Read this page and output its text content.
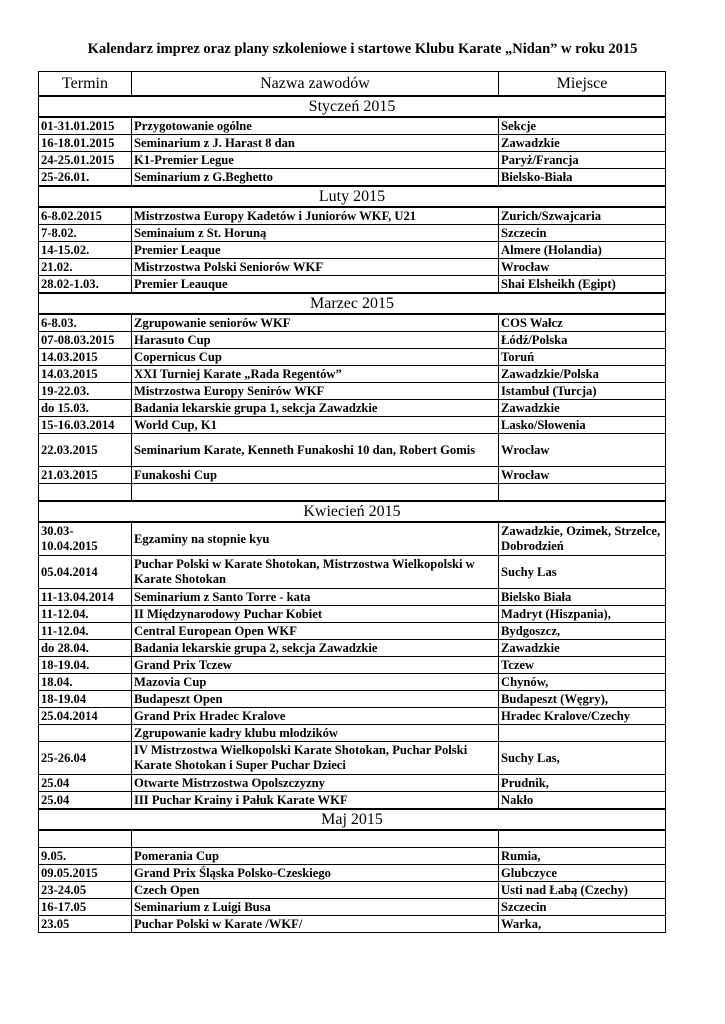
Kalendarz imprez oraz plany szkoleniowe i startowe Klubu Karate „Nidan” w roku 2015
Termin	Nazwa zawodów	Miejsce
Styczeń 2015		
01-31.01.2015	Przygotowanie ogólne	Sekcje
16-18.01.2015	Seminarium z J. Harast 8 dan	Zawadzkie
24-25.01.2015	K1-Premier Legue	Paryż/Francja
25-26.01.	Seminarium z G.Beghetto	Bielsko-Biała
Luty 2015		
6-8.02.2015	Mistrzostwa Europy Kadetów i Juniorów WKF, U21	Zurich/Szwajcaria
7-8.02.	Seminaium z St. Horuną	Szczecin
14-15.02.	Premier Leaque	Almere (Holandia)
21.02.	Mistrzostwa Polski Seniorów WKF	Wrocław
28.02-1.03.	Premier Leauque	Shai Elsheikh (Egipt)
Marzec 2015		
6-8.03.	Zgrupowanie seniorów WKF	COS Wałcz
07-08.03.2015	Harasuto Cup	Łódź/Polska
14.03.2015	Copernicus Cup	Toruń
14.03.2015	XXI Turniej Karate „Rada Regentów”	Zawadzkie/Polska
19-22.03.	Mistrzostwa Europy Senirów WKF	Istambuł (Turcja)
do 15.03.	Badania lekarskie grupa 1, sekcja Zawadzkie	Zawadzkie
15-16.03.2014	World Cup, K1	Lasko/Słowenia
22.03.2015	Seminarium Karate, Kenneth Funakoshi 10 dan, Robert Gomis	Wrocław
21.03.2015	Funakoshi Cup	Wrocław

Kwiecień 2015		
30.03-10.04.2015	Egzaminy na stopnie kyu	Zawadzkie, Ozimek, Strzelce, Dobrodzień
05.04.2014	Puchar Polski w Karate Shotokan, Mistrzostwa Wielkopolski w Karate Shotokan	Suchy Las
11-13.04.2014	Seminarium z Santo Torre - kata	Bielsko Biała
11-12.04.	II Międzynarodowy Puchar Kobiet	Madryt (Hiszpania),
11-12.04.	Central European Open WKF	Bydgoszcz,
do 28.04.	Badania lekarskie grupa 2, sekcja Zawadzkie	Zawadzkie
18-19.04.	Grand Prix Tczew	Tczew
18.04.	Mazovia Cup	Chynów,
18-19.04	Budapeszt Open	Budapeszt (Węgry),
25.04.2014	Grand Prix Hradec Kralove	Hradec Kralove/Czechy
	Zgrupowanie kadry klubu młodzików	
25-26.04	IV Mistrzostwa Wielkopolski Karate Shotokan, Puchar Polski Karate Shotokan i Super Puchar Dzieci	Suchy Las,
25.04	Otwarte Mistrzostwa Opolszczyzny	Prudnik,
25.04	III Puchar Krainy i Pałuk Karate WKF	Nakło
Maj 2015		

9.05.	Pomerania Cup	Rumia,
09.05.2015	Grand Prix Śląska Polsko-Czeskiego	Glubczyce
23-24.05	Czech Open	Usti nad Łabą (Czechy)
16-17.05	Seminarium z Luigi Busa	Szczecin
23.05	Puchar Polski w Karate /WKF/	Warka,
